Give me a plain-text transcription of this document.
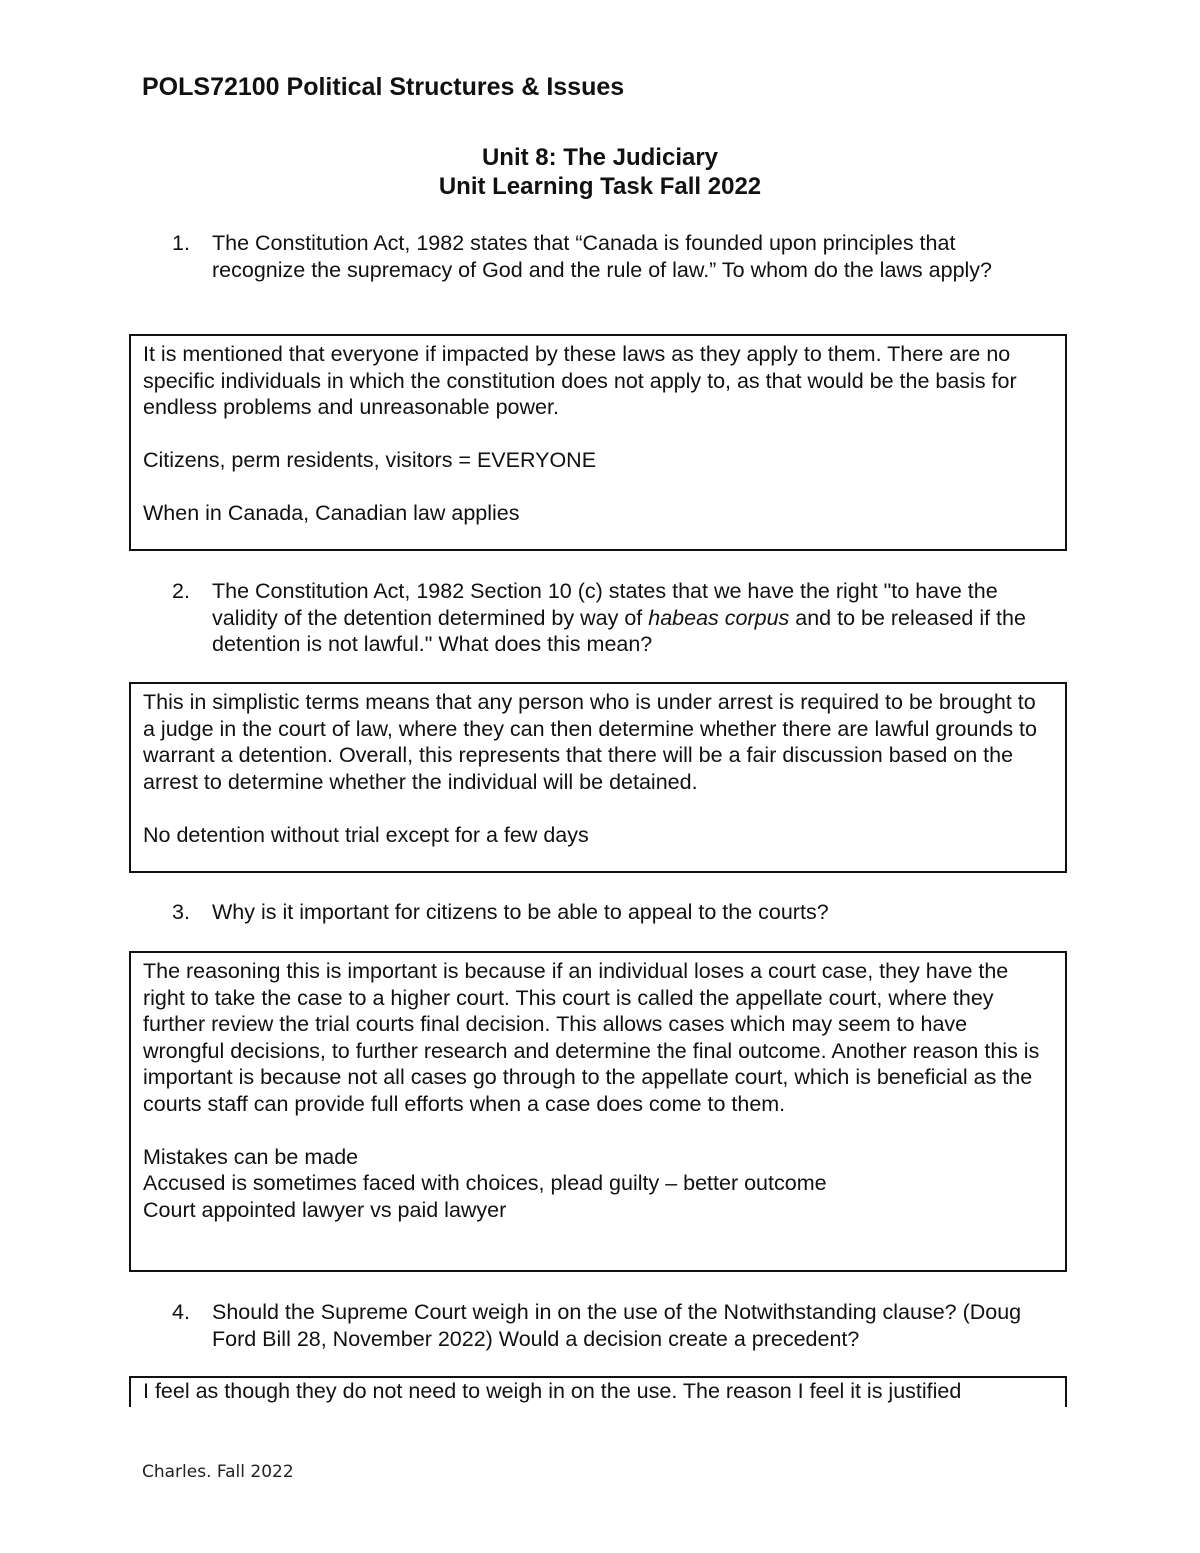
POLS72100 Political Structures & Issues
Unit 8: The Judiciary
Unit Learning Task Fall 2022
1.	The Constitution Act, 1982 states that “Canada is founded upon principles that recognize the supremacy of God and the rule of law.” To whom do the laws apply?

It is mentioned that everyone if impacted by these laws as they apply to them. There are no specific individuals in which the constitution does not apply to, as that would be the basis for endless problems and unreasonable power.

Citizens, perm residents, visitors = EVERYONE

When in Canada, Canadian law applies

2.	The Constitution Act, 1982 Section 10 (c) states that we have the right "to have the validity of the detention determined by way of habeas corpus and to be released if the detention is not lawful." What does this mean?

This in simplistic terms means that any person who is under arrest is required to be brought to a judge in the court of law, where they can then determine whether there are lawful grounds to warrant a detention. Overall, this represents that there will be a fair discussion based on the arrest to determine whether the individual will be detained.

No detention without trial except for a few days

3.	Why is it important for citizens to be able to appeal to the courts?

The reasoning this is important is because if an individual loses a court case, they have the right to take the case to a higher court. This court is called the appellate court, where they further review the trial courts final decision. This allows cases which may seem to have wrongful decisions, to further research and determine the final outcome. Another reason this is important is because not all cases go through to the appellate court, which is beneficial as the courts staff can provide full efforts when a case does come to them.

Mistakes can be made

Accused is sometimes faced with choices, plead guilty – better outcome

Court appointed lawyer vs paid lawyer

4.	Should the Supreme Court weigh in on the use of the Notwithstanding clause? (Doug Ford Bill 28, November 2022) Would a decision create a precedent?

I feel as though they do not need to weigh in on the use. The reason I feel it is justified

Charles. Fall 2022
